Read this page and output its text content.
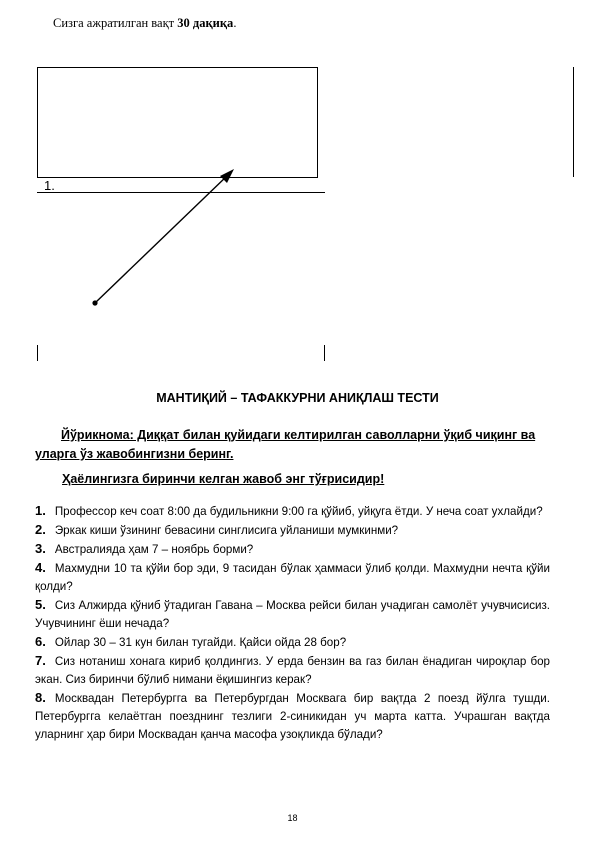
Сизга ажратилган вақт 30 дақиқа.
1.
МАНТИҚИЙ – ТАФАККУРНИ АНИҚЛАШ ТЕСТИ
Йўрикнома: Диққат билан қуйидаги келтирилган саволларни ўқиб чиқинг ва уларга ўз жавобингизни беринг.
Ҳаёлингизга биринчи келган жавоб энг тўғрисидир!

1. Профессор кеч соат 8:00 да будильникни 9:00 га қўйиб, уйқуга ётди. У неча соат ухлайди?

2. Эркак киши ўзининг бевасини синглисига уйланиши мумкинми?

3. Австралияда ҳам 7 – ноябрь борми?

4. Махмудни 10 та қўйи бор эди, 9 тасидан бўлак ҳаммаси ўлиб қолди. Махмудни нечта қўйи қолди?

5. Сиз Алжирда қўниб ўтадиган Гавана – Москва рейси билан учадиган самолёт учувчисисиз. Учувчининг ёши нечада?

6. Ойлар 30 – 31 кун билан тугайди. Қайси ойда 28 бор?

7. Сиз нотаниш хонага кириб қолдингиз. У ерда бензин ва газ билан ёнадиган чироқлар бор экан. Сиз биринчи бўлиб нимани ёқишингиз керак?

8. Москвадан Петербургга ва Петербургдан Москвага бир вақтда 2 поезд йўлга тушди. Петербургга келаётган поезднинг тезлиги 2-синикидан уч марта катта. Учрашган вақтда уларнинг ҳар бири Москвадан қанча масофа узоқликда бўлади?

18
